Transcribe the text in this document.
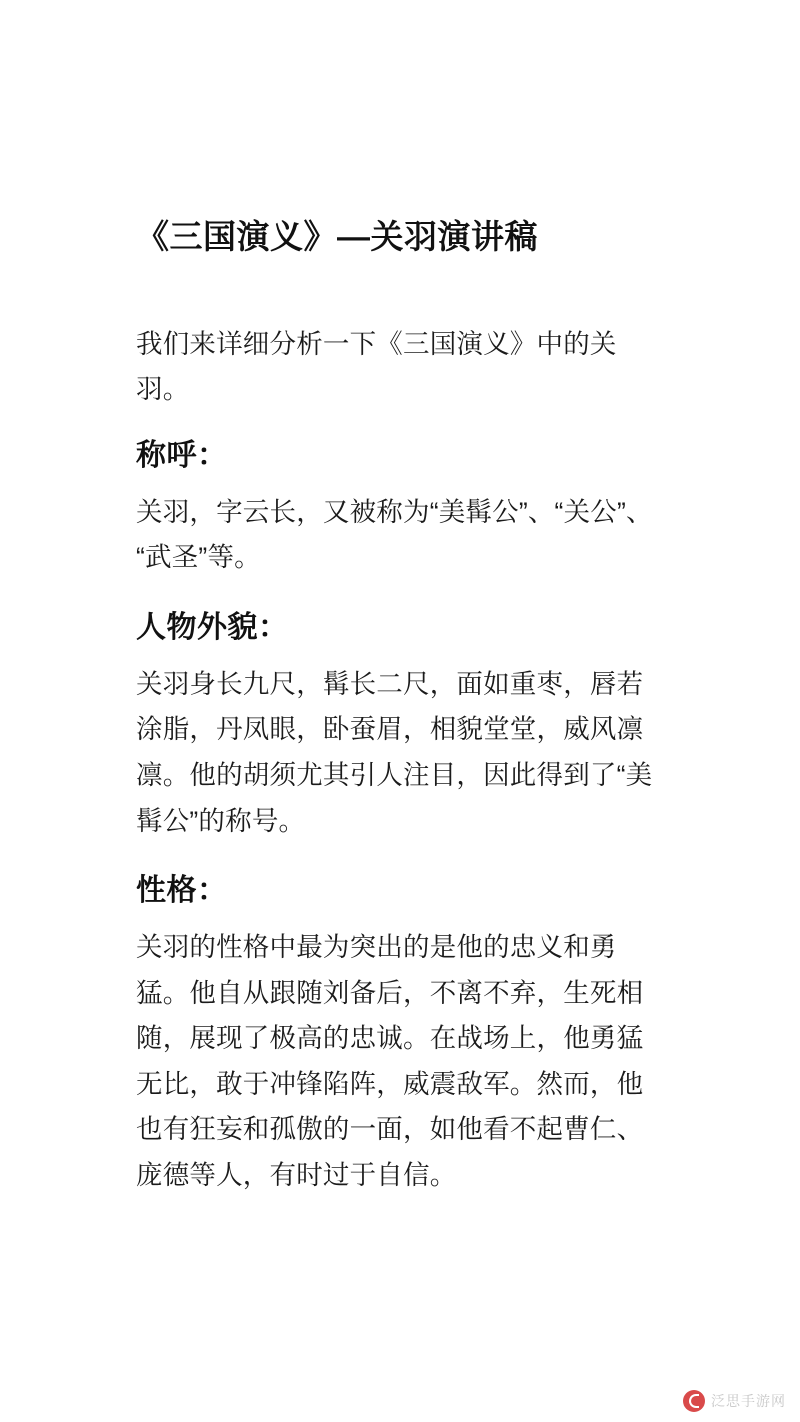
《三国演义》—关羽演讲稿

我们来详细分析一下《三国演义》中的关羽。

称呼：

关羽，字云长，又被称为“美髯公”、“关公”、“武圣”等。

人物外貌：

关羽身长九尺，髯长二尺，面如重枣，唇若涂脂，丹凤眼，卧蚕眉，相貌堂堂，威风凛凛。他的胡须尤其引人注目，因此得到了“美髯公”的称号。

性格：

关羽的性格中最为突出的是他的忠义和勇猛。他自从跟随刘备后，不离不弃，生死相随，展现了极高的忠诚。在战场上，他勇猛无比，敢于冲锋陷阵，威震敌军。然而，他也有狂妄和孤傲的一面，如他看不起曹仁、庞德等人，有时过于自信。

泛思手游网
